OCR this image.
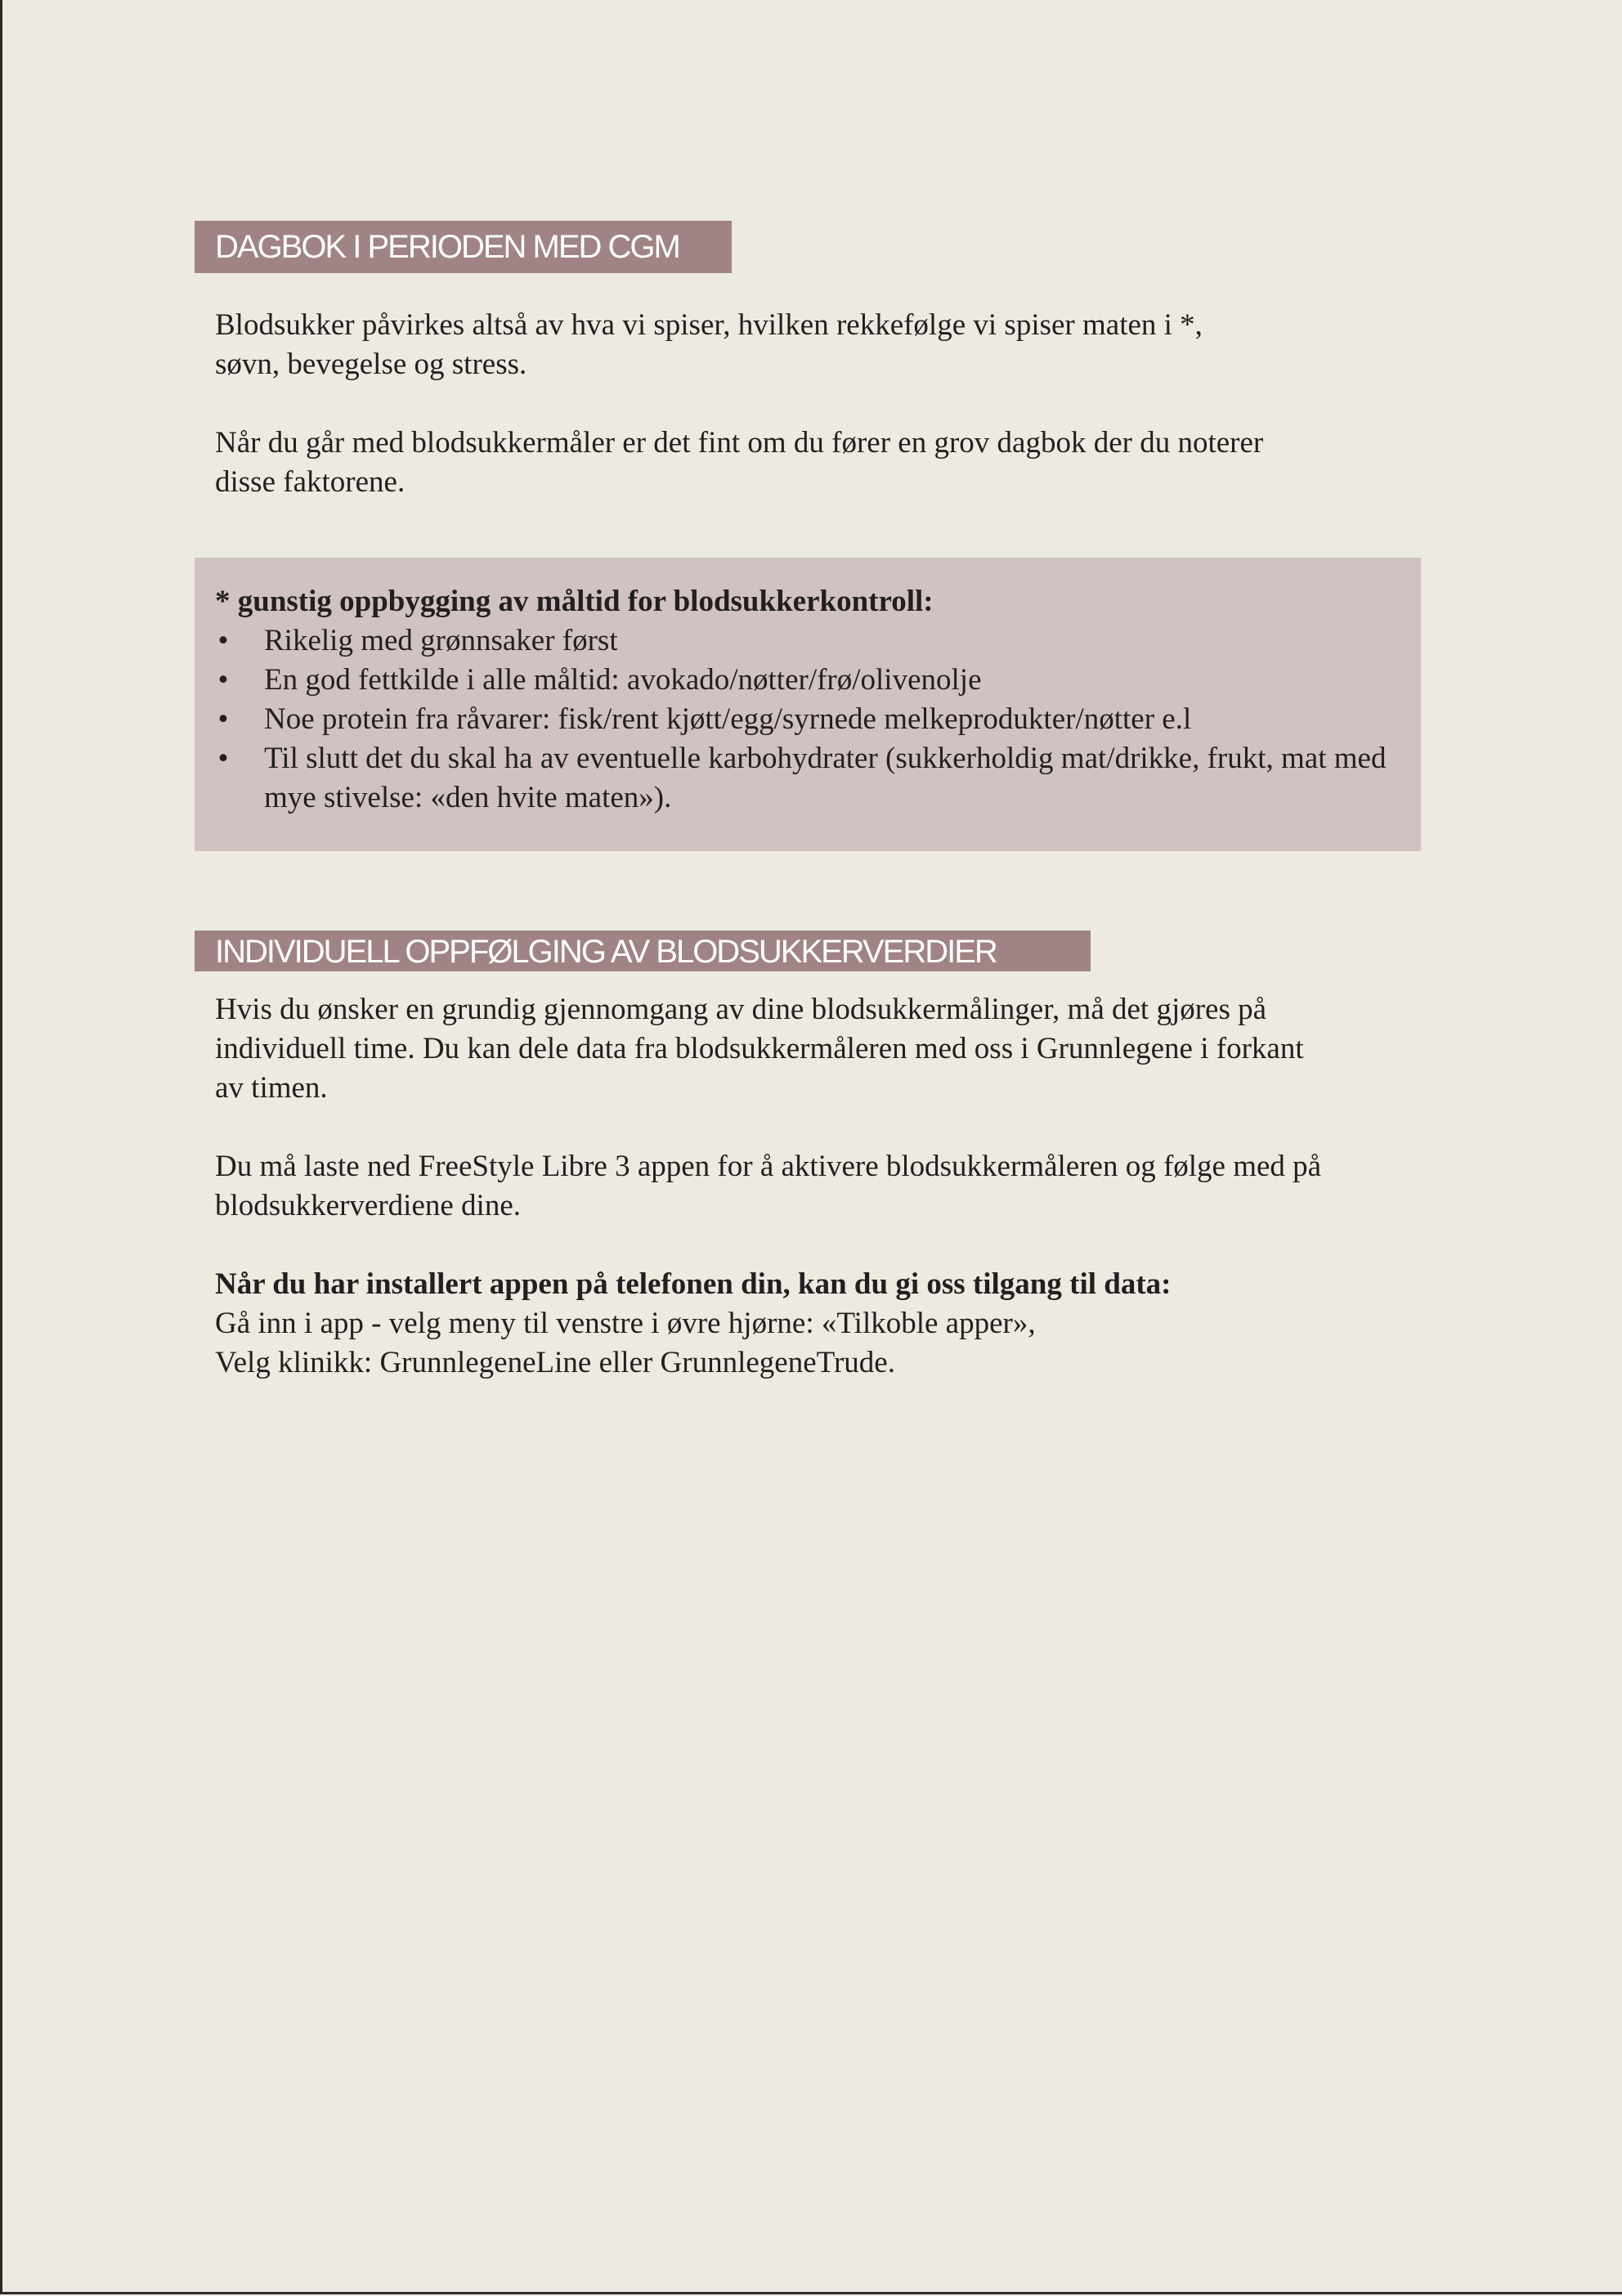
DAGBOK I PERIODEN MED CGM

Blodsukker påvirkes altså av hva vi spiser, hvilken rekkefølge vi spiser maten i *,

søvn, bevegelse og stress.

Når du går med blodsukkermåler er det fint om du fører en grov dagbok der du noterer

disse faktorene.

* gunstig oppbygging av måltid for blodsukkerkontroll:

• Rikelig med grønnsaker først
• En god fettkilde i alle måltid: avokado/nøtter/frø/olivenolje
• Noe protein fra råvarer: fisk/rent kjøtt/egg/syrnede melkeprodukter/nøtter e.l
• Til slutt det du skal ha av eventuelle karbohydrater (sukkerholdig mat/drikke, frukt, mat med mye stivelse: «den hvite maten»).
INDIVIDUELL OPPFØLGING AV BLODSUKKERVERDIER

Hvis du ønsker en grundig gjennomgang av dine blodsukkermålinger, må det gjøres på

individuell time. Du kan dele data fra blodsukkermåleren med oss i Grunnlegene i forkant

av timen.

Du må laste ned FreeStyle Libre 3 appen for å aktivere blodsukkermåleren og følge med på

blodsukkerverdiene dine.

Når du har installert appen på telefonen din, kan du gi oss tilgang til data:

Gå inn i app - velg meny til venstre i øvre hjørne: «Tilkoble apper»,

Velg klinikk: GrunnlegeneLine eller GrunnlegeneTrude.
